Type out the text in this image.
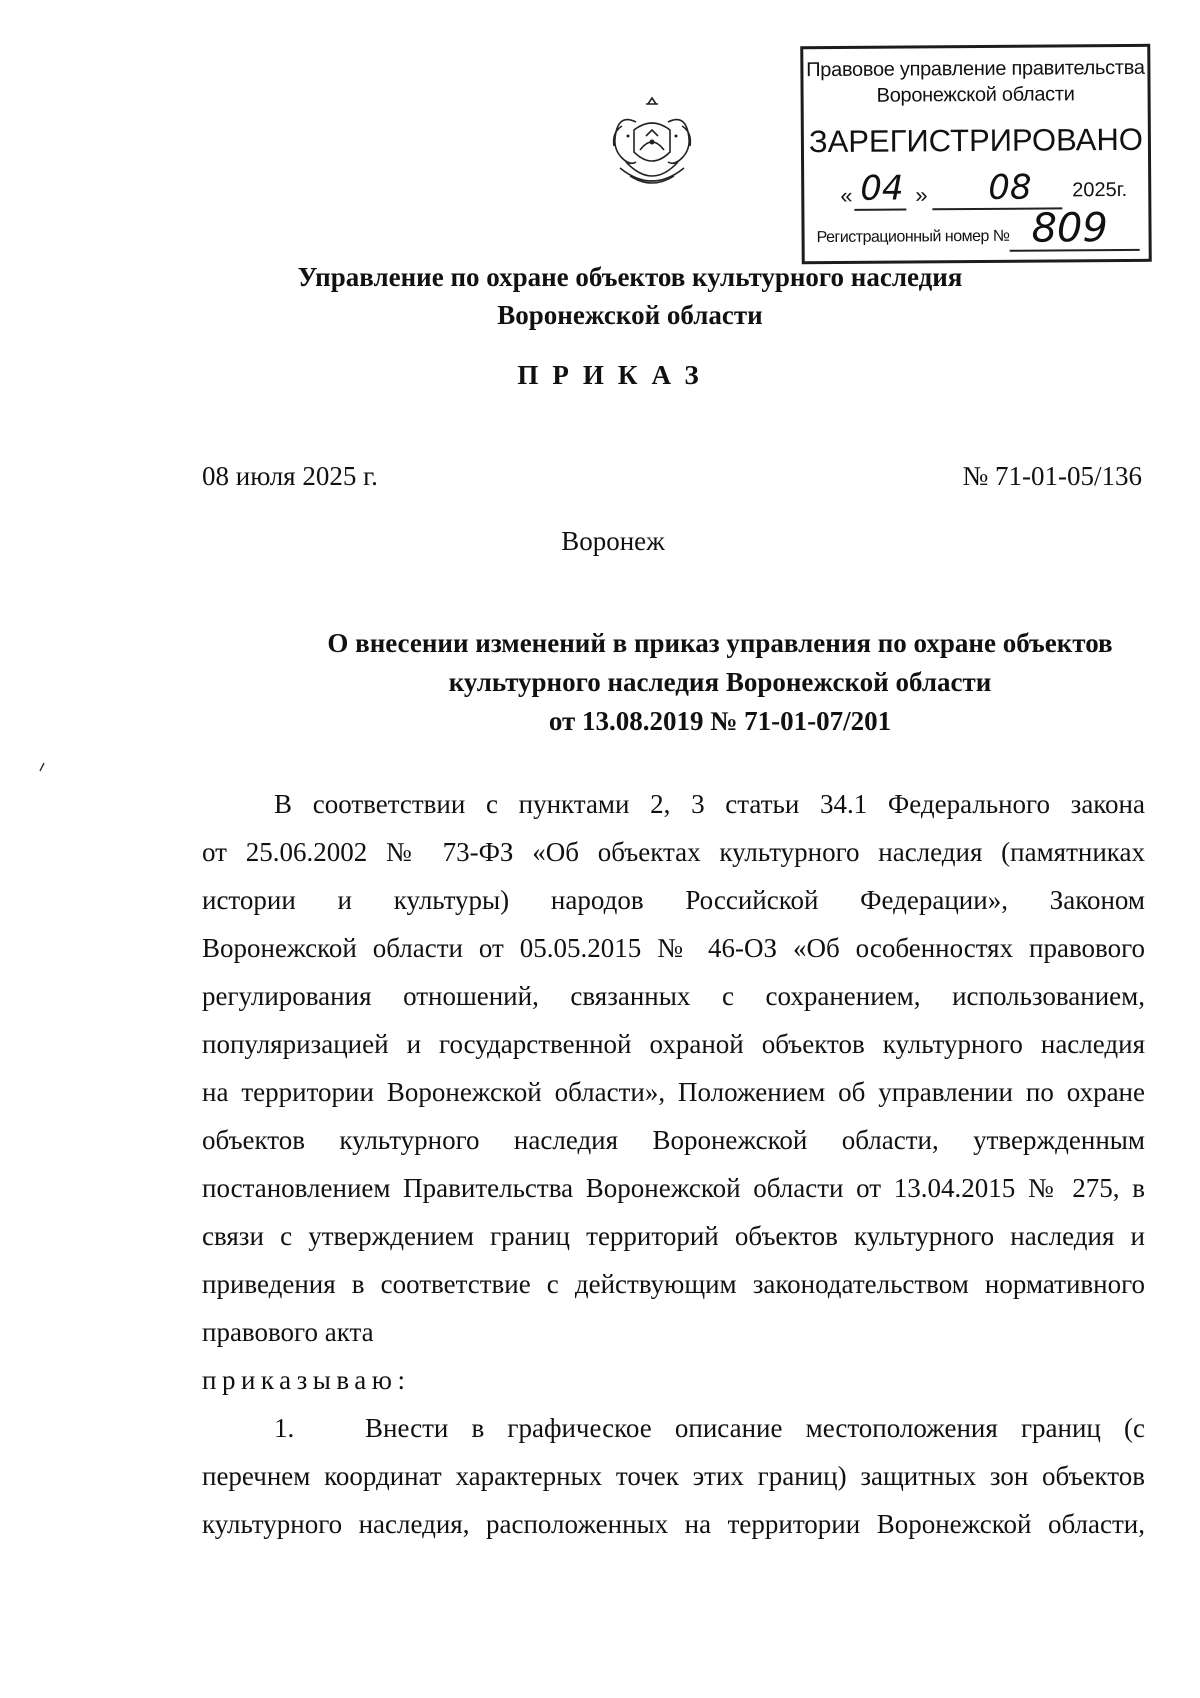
Правовое управление правительства
Воронежской области
ЗАРЕГИСТРИРОВАНО
« 04 » 08 2025г.
Регистрационный номер № 809
Управление по охране объектов культурного наследия
Воронежской области
ПРИКАЗ
08 июля 2025 г.	№ 71-01-05/136
Воронеж
О внесении изменений в приказ управления по охране объектов
культурного наследия Воронежской области
от 13.08.2019 № 71-01-07/201
В соответствии с пунктами 2, 3 статьи 34.1 Федерального закона
от 25.06.2002 № 73-ФЗ «Об объектах культурного наследия (памятниках
истории и культуры) народов Российской Федерации», Законом
Воронежской области от 05.05.2015 № 46-ОЗ «Об особенностях правового
регулирования отношений, связанных с сохранением, использованием,
популяризацией и государственной охраной объектов культурного наследия
на территории Воронежской области», Положением об управлении по охране
объектов культурного наследия Воронежской области, утвержденным
постановлением Правительства Воронежской области от 13.04.2015 № 275, в
связи с утверждением границ территорий объектов культурного наследия и
приведения в соответствие с действующим законодательством нормативного
правового акта
приказываю:
1.	Внести в графическое описание местоположения границ (с
перечнем координат характерных точек этих границ) защитных зон объектов
культурного наследия, расположенных на территории Воронежской области,
